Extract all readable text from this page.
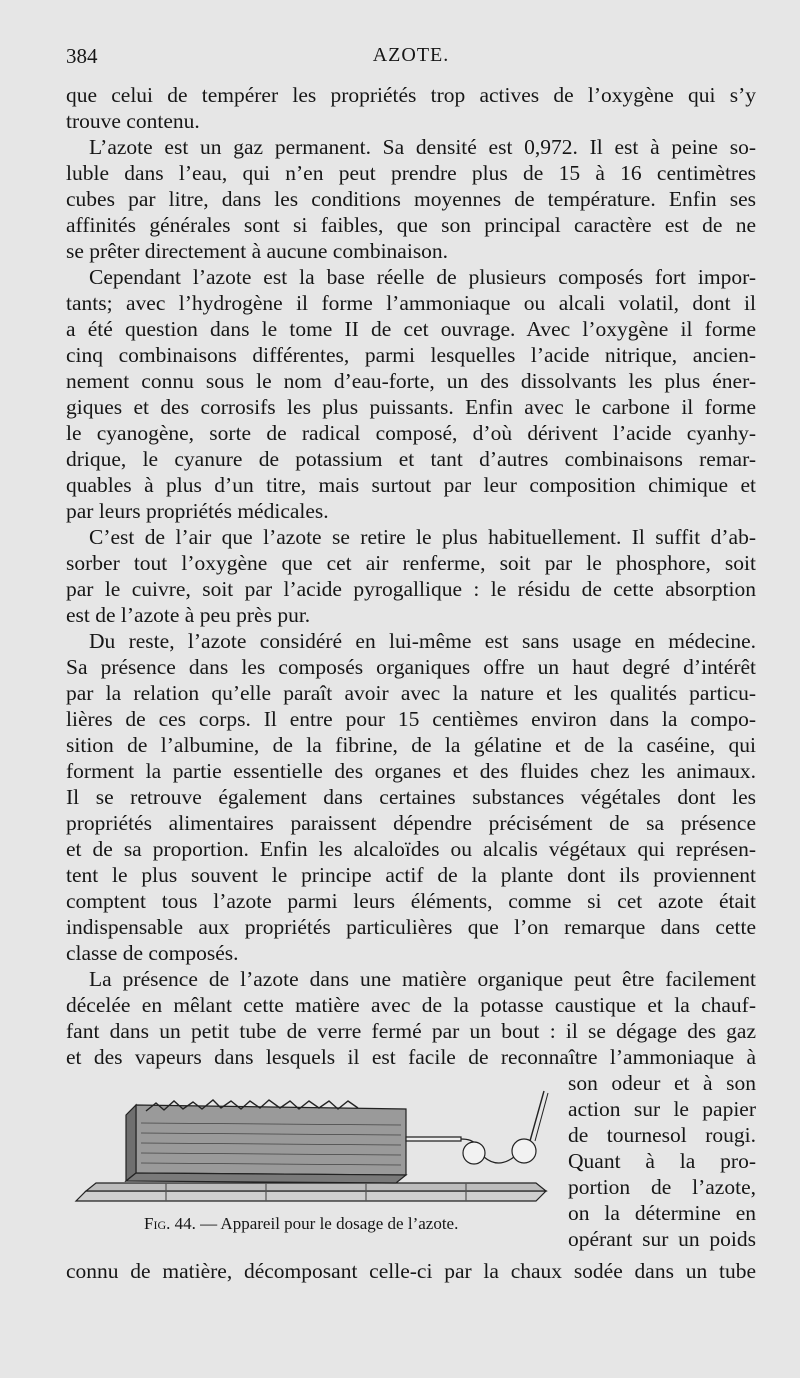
384	AZOTE.
que celui de tempérer les propriétés trop actives de l’oxygène qui s’y
trouve contenu.
L’azote est un gaz permanent. Sa densité est 0,972. Il est à peine so-
luble dans l’eau, qui n’en peut prendre plus de 15 à 16 centimètres
cubes par litre, dans les conditions moyennes de température. Enfin ses
affinités générales sont si faibles, que son principal caractère est de ne
se prêter directement à aucune combinaison.
Cependant l’azote est la base réelle de plusieurs composés fort impor-
tants; avec l’hydrogène il forme l’ammoniaque ou alcali volatil, dont il
a été question dans le tome II de cet ouvrage. Avec l’oxygène il forme
cinq combinaisons différentes, parmi lesquelles l’acide nitrique, ancien-
nement connu sous le nom d’eau-forte, un des dissolvants les plus éner-
giques et des corrosifs les plus puissants. Enfin avec le carbone il forme
le cyanogène, sorte de radical composé, d’où dérivent l’acide cyanhy-
drique, le cyanure de potassium et tant d’autres combinaisons remar-
quables à plus d’un titre, mais surtout par leur composition chimique et
par leurs propriétés médicales.
C’est de l’air que l’azote se retire le plus habituellement. Il suffit d’ab-
sorber tout l’oxygène que cet air renferme, soit par le phosphore, soit
par le cuivre, soit par l’acide pyrogallique : le résidu de cette absorption
est de l’azote à peu près pur.
Du reste, l’azote considéré en lui-même est sans usage en médecine.
Sa présence dans les composés organiques offre un haut degré d’intérêt
par la relation qu’elle paraît avoir avec la nature et les qualités particu-
lières de ces corps. Il entre pour 15 centièmes environ dans la compo-
sition de l’albumine, de la fibrine, de la gélatine et de la caséine, qui
forment la partie essentielle des organes et des fluides chez les animaux.
Il se retrouve également dans certaines substances végétales dont les
propriétés alimentaires paraissent dépendre précisément de sa présence
et de sa proportion. Enfin les alcaloïdes ou alcalis végétaux qui représen-
tent le plus souvent le principe actif de la plante dont ils proviennent
comptent tous l’azote parmi leurs éléments, comme si cet azote était
indispensable aux propriétés particulières que l’on remarque dans cette
classe de composés.
La présence de l’azote dans une matière organique peut être facilement
décelée en mêlant cette matière avec de la potasse caustique et la chauf-
fant dans un petit tube de verre fermé par un bout : il se dégage des gaz
et des vapeurs dans lesquels il est facile de reconnaître l’ammoniaque à
son odeur et à son
action sur le papier
de tournesol rougi.
Quant à la pro-
portion de l’azote,
on la détermine en
opérant sur un poids
Fig. 44. — Appareil pour le dosage de l’azote.
connu de matière, décomposant celle-ci par la chaux sodée dans un tube
